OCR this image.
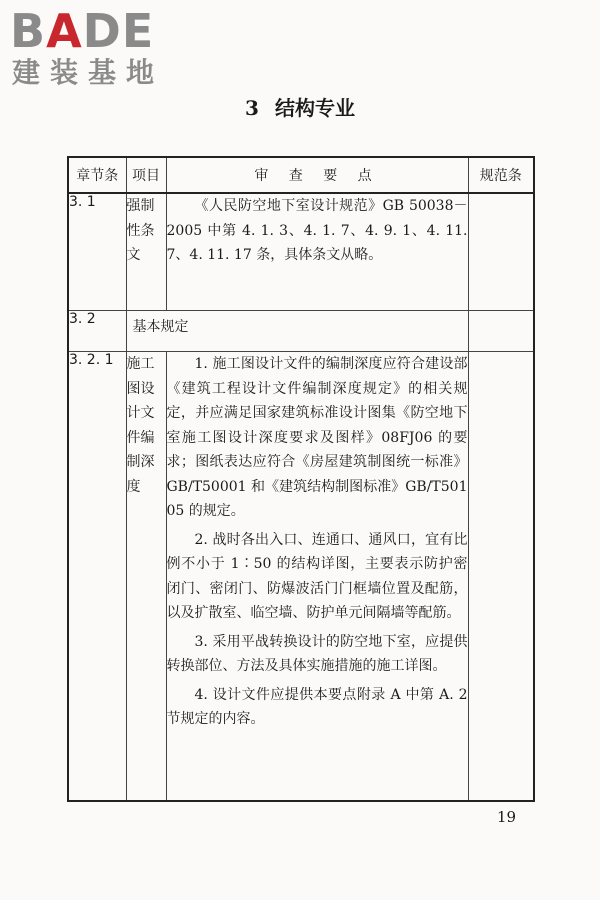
BADE
建装基地
3 结构专业
章节条	项目	审 查 要 点	规范条
3. 1	强制性条文	《人民防空地下室设计规范》GB 50038－2005 中第 4. 1. 3、4. 1. 7、4. 9. 1、4. 11. 7、4. 11. 17 条，具体条文从略。	

3. 2	基本规定		
3. 2. 1	施工图设计文件编制深度	1. 施工图设计文件的编制深度应符合建设部《建筑工程设计文件编制深度规定》的相关规定，并应满足国家建筑标准设计图集《防空地下室施工图设计深度要求及图样》08FJ06 的要求；图纸表达应符合《房屋建筑制图统一标准》GB/T50001 和《建筑结构制图标准》GB/T50105 的规定。

2. 战时各出入口、连通口、通风口，宜有比例不小于 1∶50 的结构详图，主要表示防护密闭门、密闭门、防爆波活门门框墙位置及配筋，以及扩散室、临空墙、防护单元间隔墙等配筋。

3. 采用平战转换设计的防空地下室，应提供转换部位、方法及具体实施措施的施工详图。

4. 设计文件应提供本要点附录 A 中第 A. 2 节规定的内容。	

19
